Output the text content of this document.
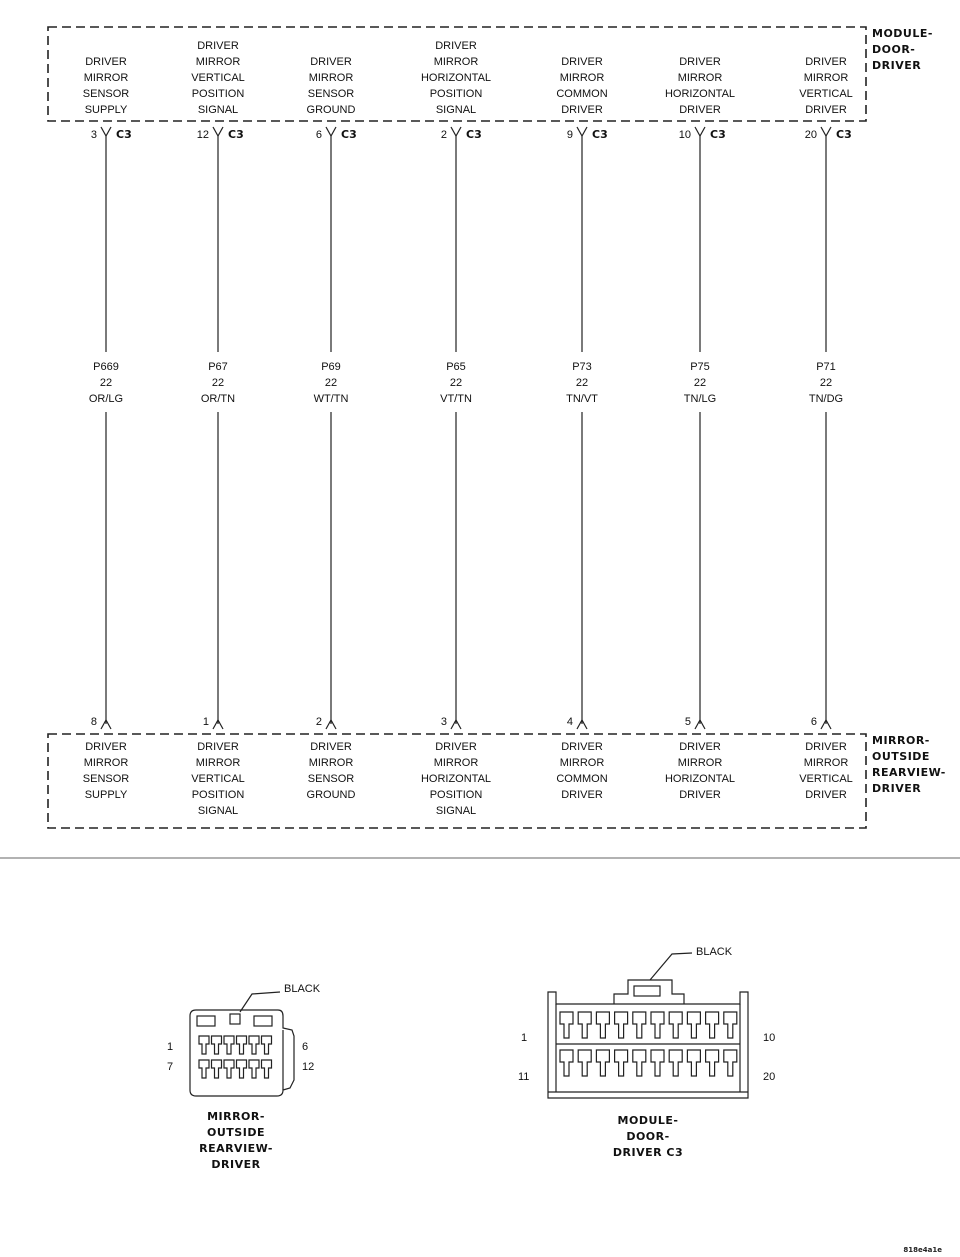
MODULE-
DOOR-
DRIVER
MIRROR-
OUTSIDE
REARVIEW-
DRIVER
DRIVER
MIRROR
SENSOR
SUPPLY
3 C3
P669
22
OR/LG
8
DRIVER
MIRROR
SENSOR
SUPPLY
DRIVER
MIRROR
VERTICAL
POSITION
SIGNAL
12 C3
P67
22
OR/TN
1
DRIVER
MIRROR
VERTICAL
POSITION
SIGNAL
DRIVER
MIRROR
SENSOR
GROUND
6 C3
P69
22
WT/TN
2
DRIVER
MIRROR
SENSOR
GROUND
DRIVER
MIRROR
HORIZONTAL
POSITION
SIGNAL
2 C3
P65
22
VT/TN
3
DRIVER
MIRROR
HORIZONTAL
POSITION
SIGNAL
DRIVER
MIRROR
COMMON
DRIVER
9 C3
P73
22
TN/VT
4
DRIVER
MIRROR
COMMON
DRIVER
DRIVER
MIRROR
HORIZONTAL
DRIVER
10 C3
P75
22
TN/LG
5
DRIVER
MIRROR
HORIZONTAL
DRIVER
DRIVER
MIRROR
VERTICAL
DRIVER
20 C3
P71
22
TN/DG
6
DRIVER
MIRROR
VERTICAL
DRIVER
BLACK
1
7
6
12
MIRROR-
OUTSIDE
REARVIEW-
DRIVER
BLACK
1
11
10
20
MODULE-
DOOR-
DRIVER C3
818e4a1e
